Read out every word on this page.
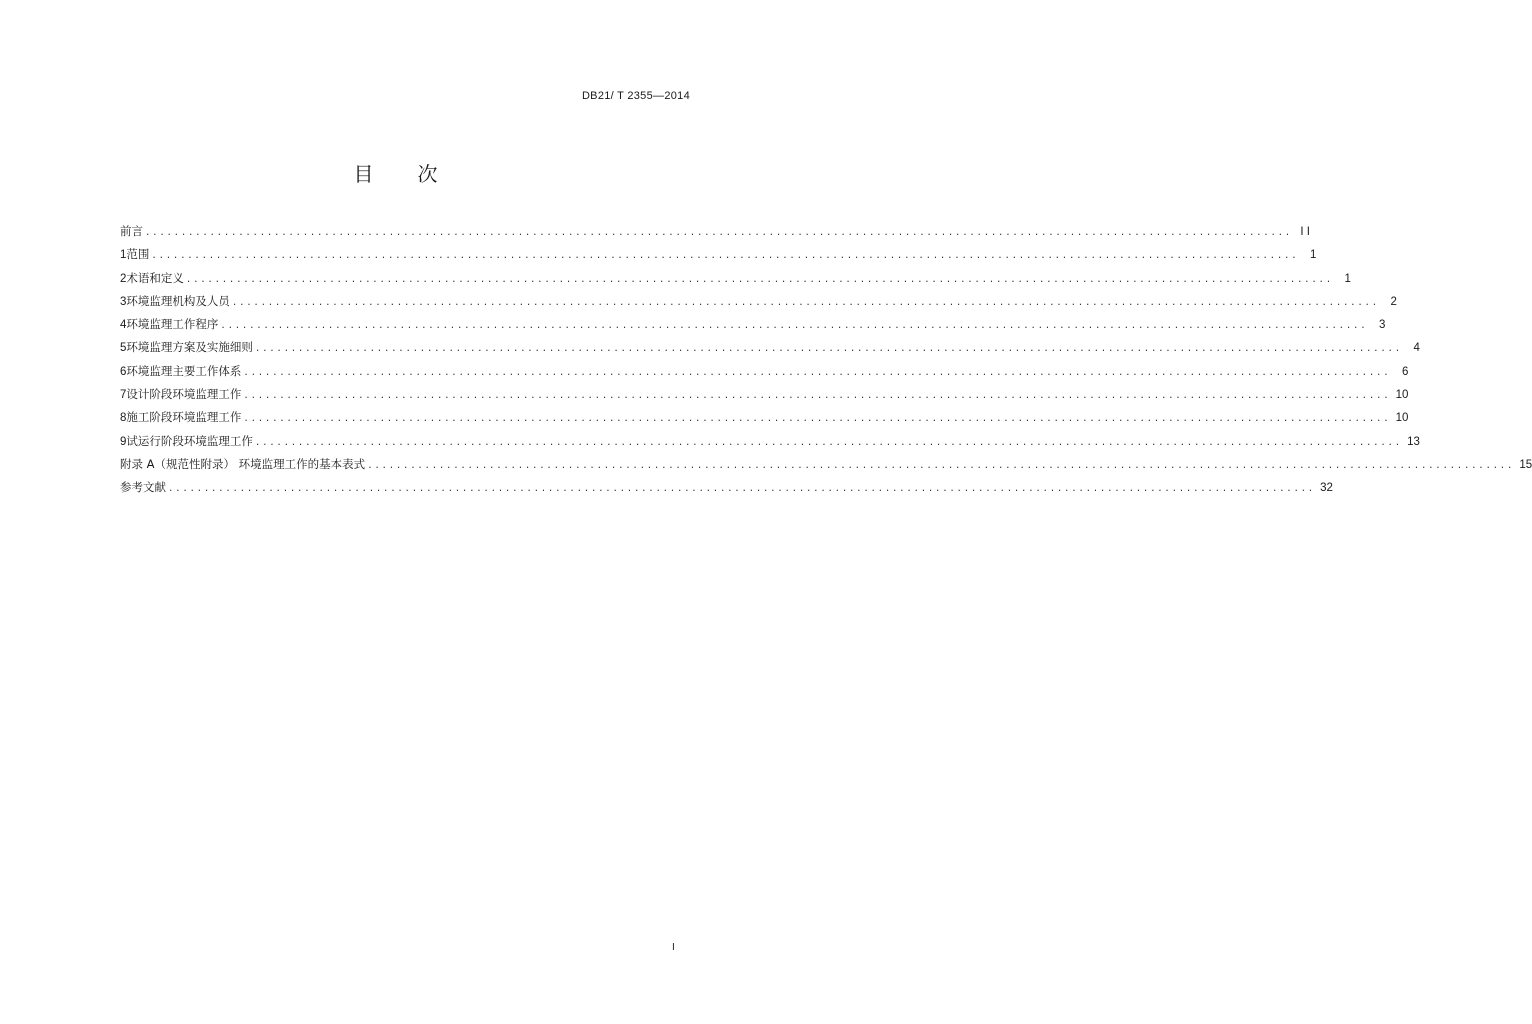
DB21/ T 2355—2014
目 次
前言 ................................................................................................................................................................ I I
1 范围 ................................................................................................................................................................	1
2 术语和定义 ................................................................................................................................................................	1
3 环境监理机构及人员 ................................................................................................................................................................	2
4 环境监理工作程序 ................................................................................................................................................................	3
5 环境监理方案及实施细则 ................................................................................................................................................................	4
6 环境监理主要工作体系 ................................................................................................................................................................	6
7 设计阶段环境监理工作 ................................................................................................................................................................ 10
8 施工阶段环境监理工作 ................................................................................................................................................................ 10
9 试运行阶段环境监理工作 ................................................................................................................................................................ 13
附录 A（规范性附录） 环境监理工作的基本表式 ................................................................................................................................................................ 15
参考文献 ................................................................................................................................................................ 32
I
